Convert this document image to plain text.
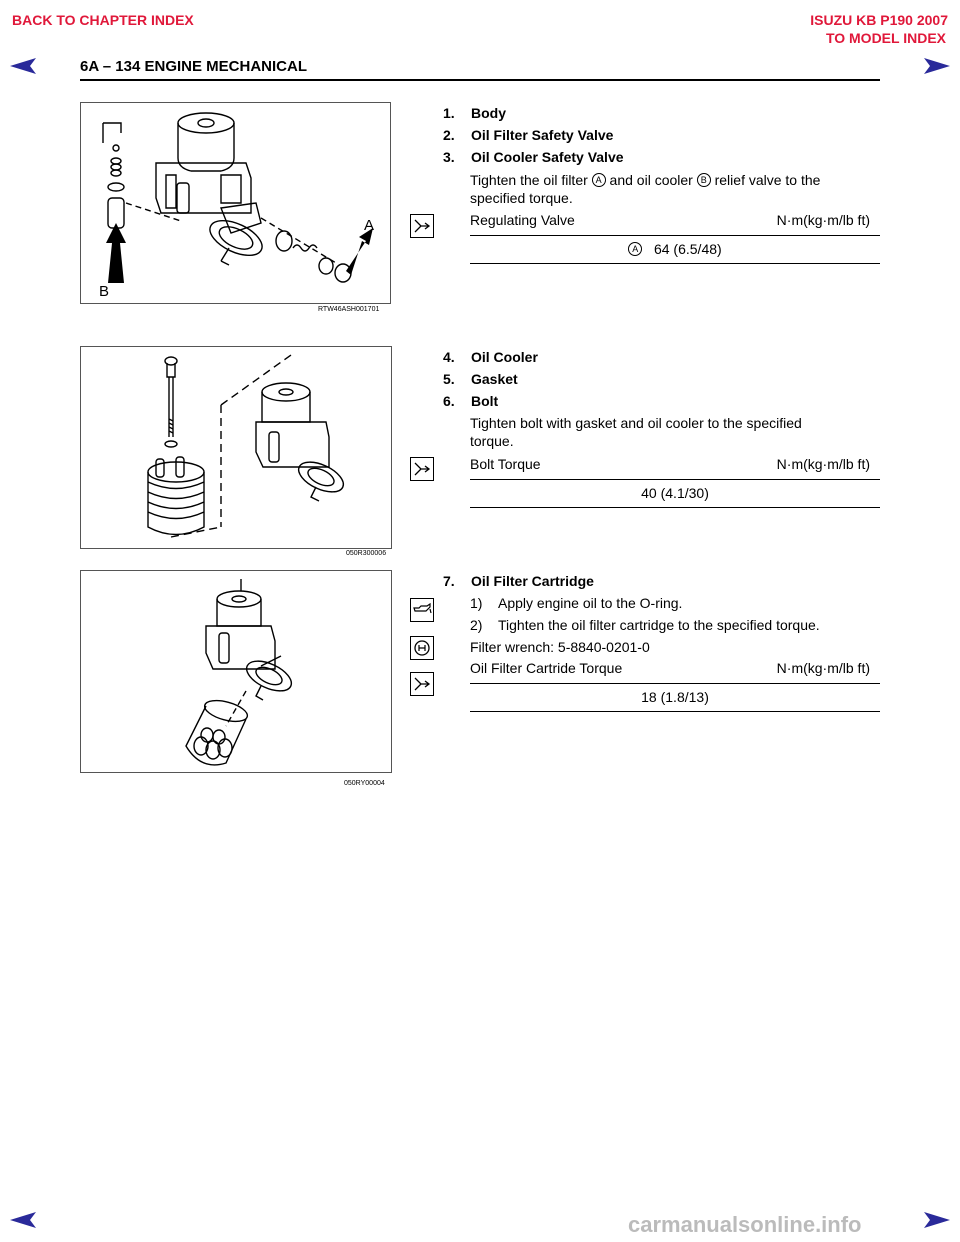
BACK TO CHAPTER INDEX	ISUZU KB P190 2007
TO MODEL INDEX
6A – 134 ENGINE MECHANICAL
A
B
RTW46ASH001701
1. Body
2. Oil Filter Safety Valve
3. Oil Cooler Safety Valve
Tighten the oil filter A and oil cooler B relief valve to the
specified torque.
Regulating Valve	N·m(kg·m/lb ft)
A 64 (6.5/48)
050R300006
4. Oil Cooler
5. Gasket
6. Bolt
Tighten bolt with gasket and oil cooler to the specified
torque.
Bolt Torque	N·m(kg·m/lb ft)
40 (4.1/30)
050RY00004
7. Oil Filter Cartridge
1) Apply engine oil to the O-ring.
2) Tighten the oil filter cartridge to the specified torque.
Filter wrench: 5-8840-0201-0
Oil Filter Cartride Torque	N·m(kg·m/lb ft)
18 (1.8/13)
carmanualsonline.info
